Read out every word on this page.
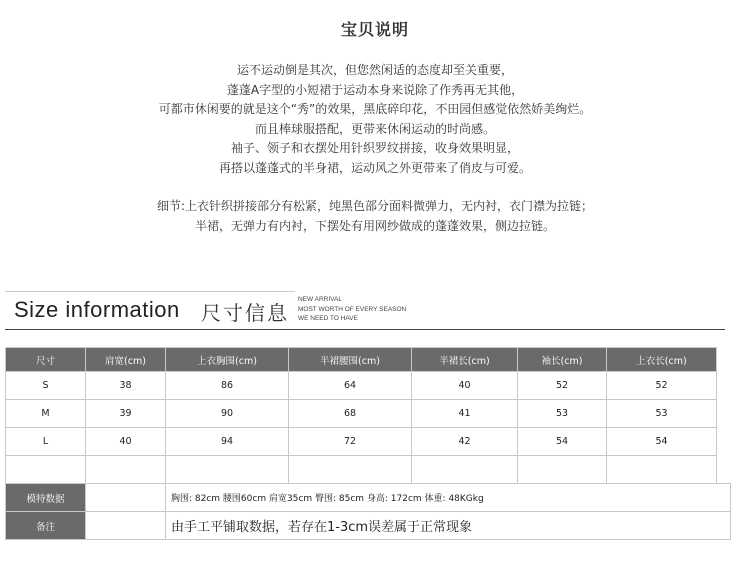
宝贝说明
运不运动倒是其次，但您然闲适的态度却至关重要，
蓬蓬A字型的小短裙于运动本身来说除了作秀再无其他，
可都市休闲要的就是这个“秀”的效果，黑底碎印花，不田园但感觉依然娇美绚烂。
而且棒球服搭配，更带来休闲运动的时尚感。
袖子、领子和衣摆处用针织罗纹拼接，收身效果明显，
再搭以蓬蓬式的半身裙，运动风之外更带来了俏皮与可爱。
细节:上衣针织拼接部分有松紧，纯黑色部分面料微弹力，无内衬，衣门襟为拉链；
半裙，无弹力有内衬，下摆处有用网纱做成的蓬蓬效果，侧边拉链。
Size information 尺寸信息
NEW ARRIVAL
MOST WORTH OF EVERY SEASON
WE NEED TO HAVE
尺寸	肩宽(cm)	上衣胸围(cm)	半裙腰围(cm)	半裙长(cm)	袖长(cm)	上衣长(cm)	
S	38	86	64	40	52	52	
M	39	90	68	41	53	53	
L	40	94	72	42	54	54	

模特数据		胸围: 82cm 腰围60cm 肩宽35cm 臀围: 85cm 身高: 172cm 体重: 48KGkg					
备注		由手工平铺取数据，若存在1-3cm误差属于正常现象					
